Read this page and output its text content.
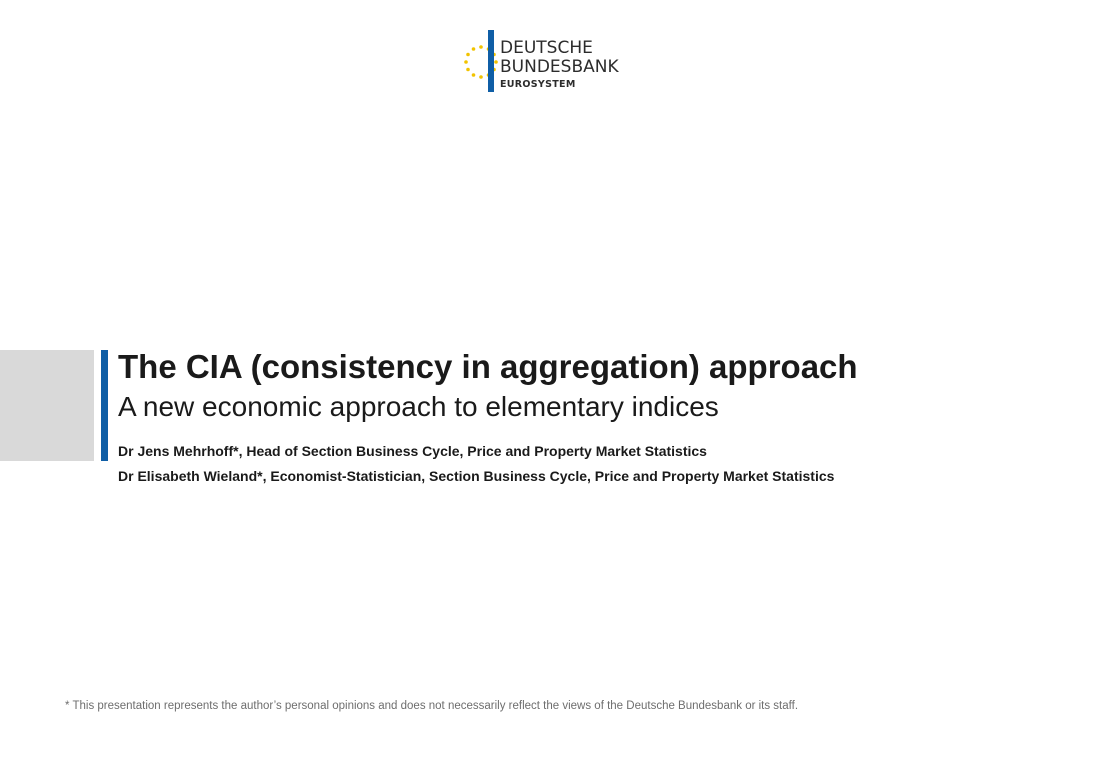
DEUTSCHE
BUNDESBANK
EUROSYSTEM
The CIA (consistency in aggregation) approach
A new economic approach to elementary indices

Dr Jens Mehrhoff*, Head of Section Business Cycle, Price and Property Market Statistics

Dr Elisabeth Wieland*, Economist-Statistician, Section Business Cycle, Price and Property Market Statistics

* This presentation represents the author’s personal opinions and does not necessarily reflect the views of the Deutsche Bundesbank or its staff.
